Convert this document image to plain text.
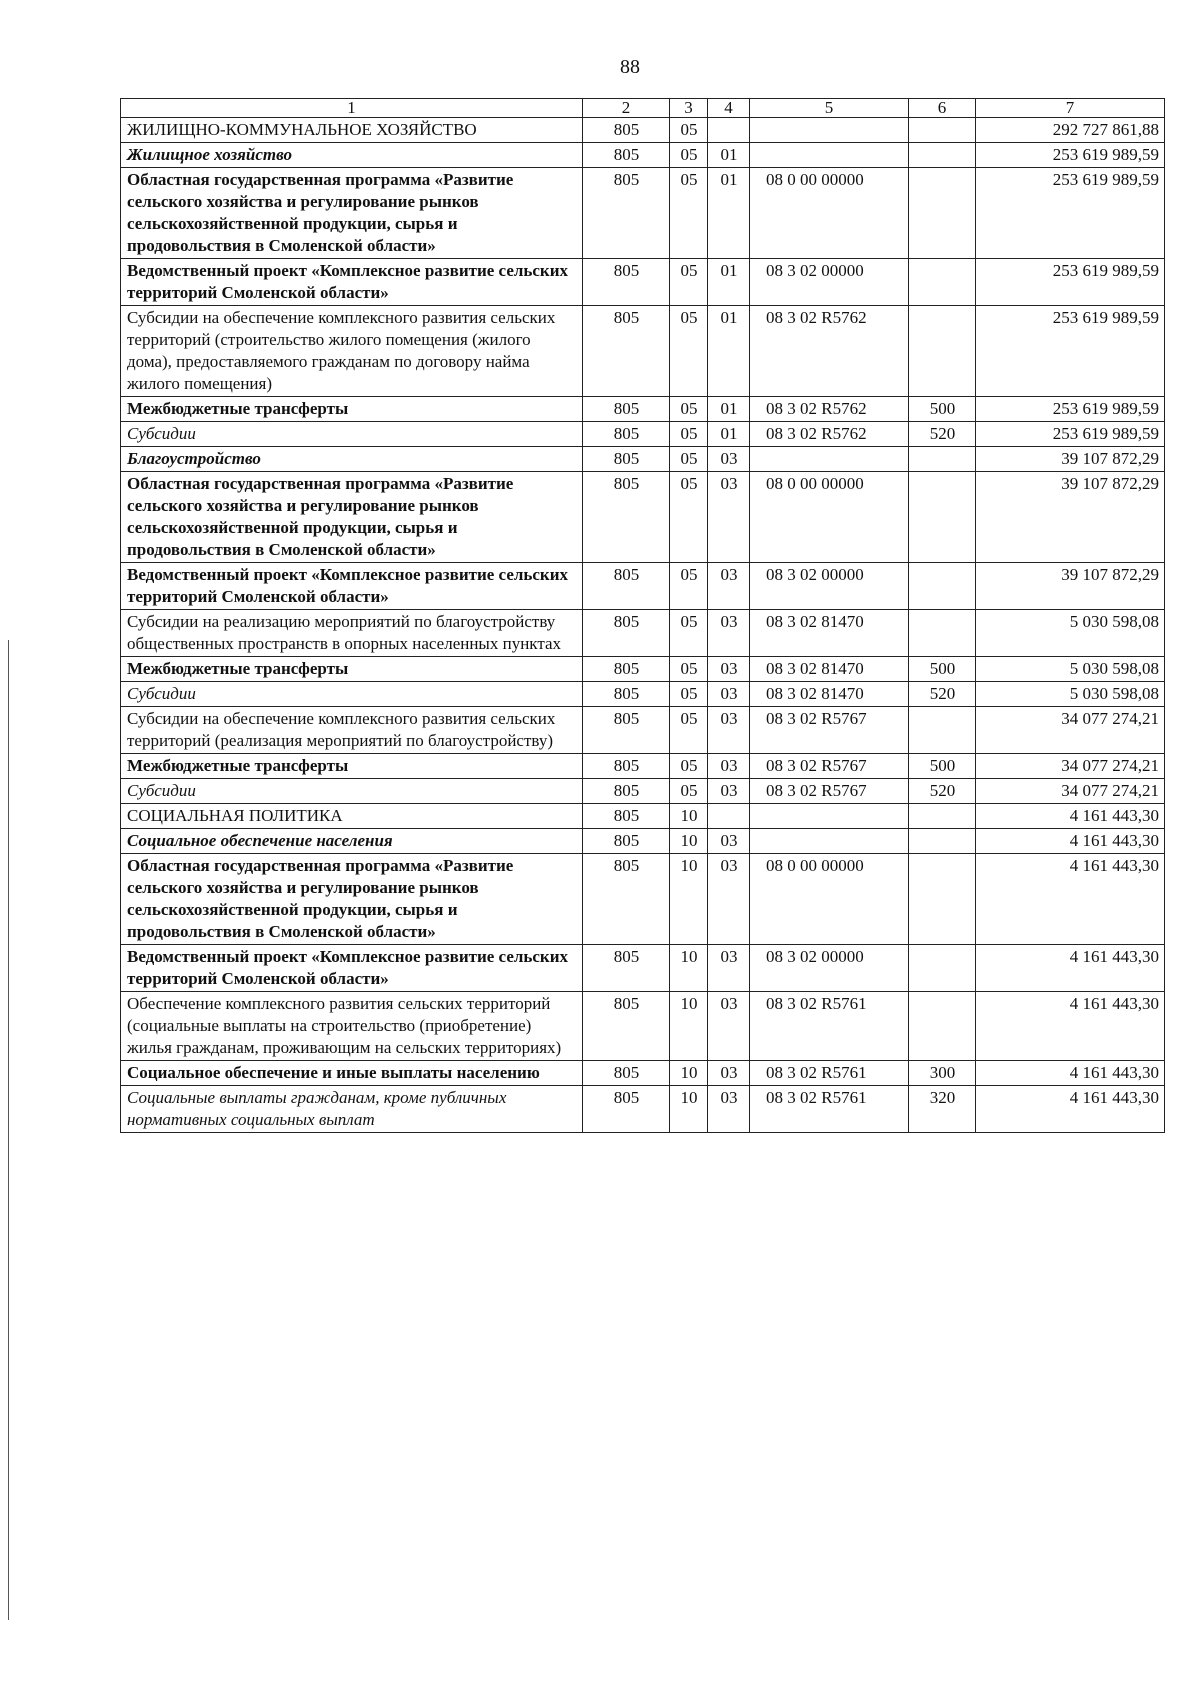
88
1	2	3	4	5	6	7
ЖИЛИЩНО-КОММУНАЛЬНОЕ ХОЗЯЙСТВО	805	05				292 727 861,88
Жилищное хозяйство	805	05	01			253 619 989,59
Областная государственная программа «Развитие сельского хозяйства и регулирование рынков сельскохозяйственной продукции, сырья и продовольствия в Смоленской области»	805	05	01	08 0 00 00000		253 619 989,59
Ведомственный проект «Комплексное развитие сельских территорий Смоленской области»	805	05	01	08 3 02 00000		253 619 989,59
Субсидии на обеспечение комплексного развития сельских территорий (строительство жилого помещения (жилого дома), предоставляемого гражданам по договору найма жилого помещения)	805	05	01	08 3 02 R5762		253 619 989,59
Межбюджетные трансферты	805	05	01	08 3 02 R5762	500	253 619 989,59
Субсидии	805	05	01	08 3 02 R5762	520	253 619 989,59
Благоустройство	805	05	03			39 107 872,29
Областная государственная программа «Развитие сельского хозяйства и регулирование рынков сельскохозяйственной продукции, сырья и продовольствия в Смоленской области»	805	05	03	08 0 00 00000		39 107 872,29
Ведомственный проект «Комплексное развитие сельских территорий Смоленской области»	805	05	03	08 3 02 00000		39 107 872,29
Субсидии на реализацию мероприятий по благоустройству общественных пространств в опорных населенных пунктах	805	05	03	08 3 02 81470		5 030 598,08
Межбюджетные трансферты	805	05	03	08 3 02 81470	500	5 030 598,08
Субсидии	805	05	03	08 3 02 81470	520	5 030 598,08
Субсидии на обеспечение комплексного развития сельских территорий (реализация мероприятий по благоустройству)	805	05	03	08 3 02 R5767		34 077 274,21
Межбюджетные трансферты	805	05	03	08 3 02 R5767	500	34 077 274,21
Субсидии	805	05	03	08 3 02 R5767	520	34 077 274,21
СОЦИАЛЬНАЯ ПОЛИТИКА	805	10				4 161 443,30
Социальное обеспечение населения	805	10	03			4 161 443,30
Областная государственная программа «Развитие сельского хозяйства и регулирование рынков сельскохозяйственной продукции, сырья и продовольствия в Смоленской области»	805	10	03	08 0 00 00000		4 161 443,30
Ведомственный проект «Комплексное развитие сельских территорий Смоленской области»	805	10	03	08 3 02 00000		4 161 443,30
Обеспечение комплексного развития сельских территорий (социальные выплаты на строительство (приобретение) жилья гражданам, проживающим на сельских территориях)	805	10	03	08 3 02 R5761		4 161 443,30
Социальное обеспечение и иные выплаты населению	805	10	03	08 3 02 R5761	300	4 161 443,30
Социальные выплаты гражданам, кроме публичных нормативных социальных выплат	805	10	03	08 3 02 R5761	320	4 161 443,30
